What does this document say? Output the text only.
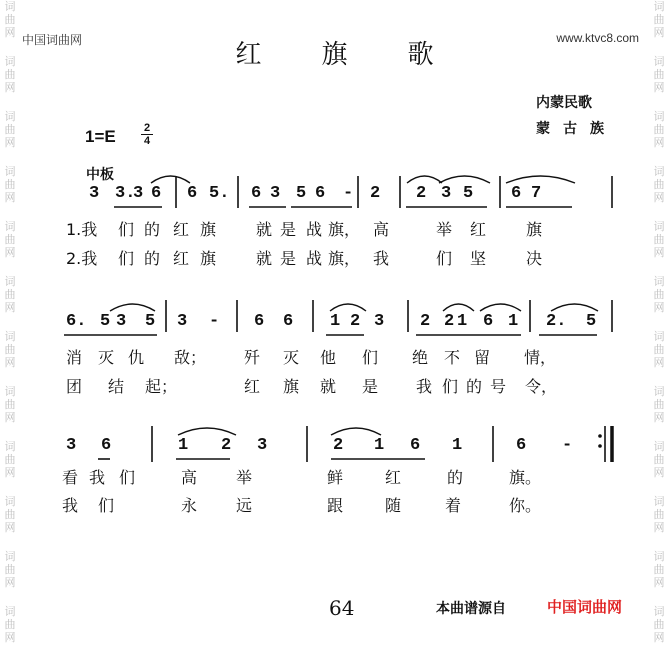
词
曲
网
词
曲
网
词
曲
网
词
曲
网
词
曲
网
词
曲
网
词
曲
网
词
曲
网
词
曲
网
词
曲
网
词
曲
网
词
曲
网
词
曲
网
词
曲
网
词
曲
网
词
曲
网
词
曲
网
词
曲
网
词
曲
网
词
曲
网
词
曲
网
词
曲
网
词
曲
网
词
曲
网
中国词曲网	www.ktvc8.com
红旗歌
内蒙民歌
蒙古族
1=E	2
4
中板
3 3.
3 6 6 5. 6 3 5 6 - 2 2 3 5 6 7
1.我 们 的 红 旗 就 是 战 旗， 高	举 红 旗
2.我 们 的 红 旗 就 是 战 旗， 我	们 坚 决
6. 5 3 5 3 - 6 6 1 2 3 2 2 1 6 1 2. 5
消 灭 仇 敌； 歼 灭 他 们 绝 不 留 情，
团 结 起；	红 旗 就 是 我 们 的 号 令，
3 6	1 2 3	2 1 6 1	6 -
看 我 们	高 举	鲜	红	的	旗。
我 们	永 远	跟	随	着	你。
64	本曲谱源自	中国词曲网
